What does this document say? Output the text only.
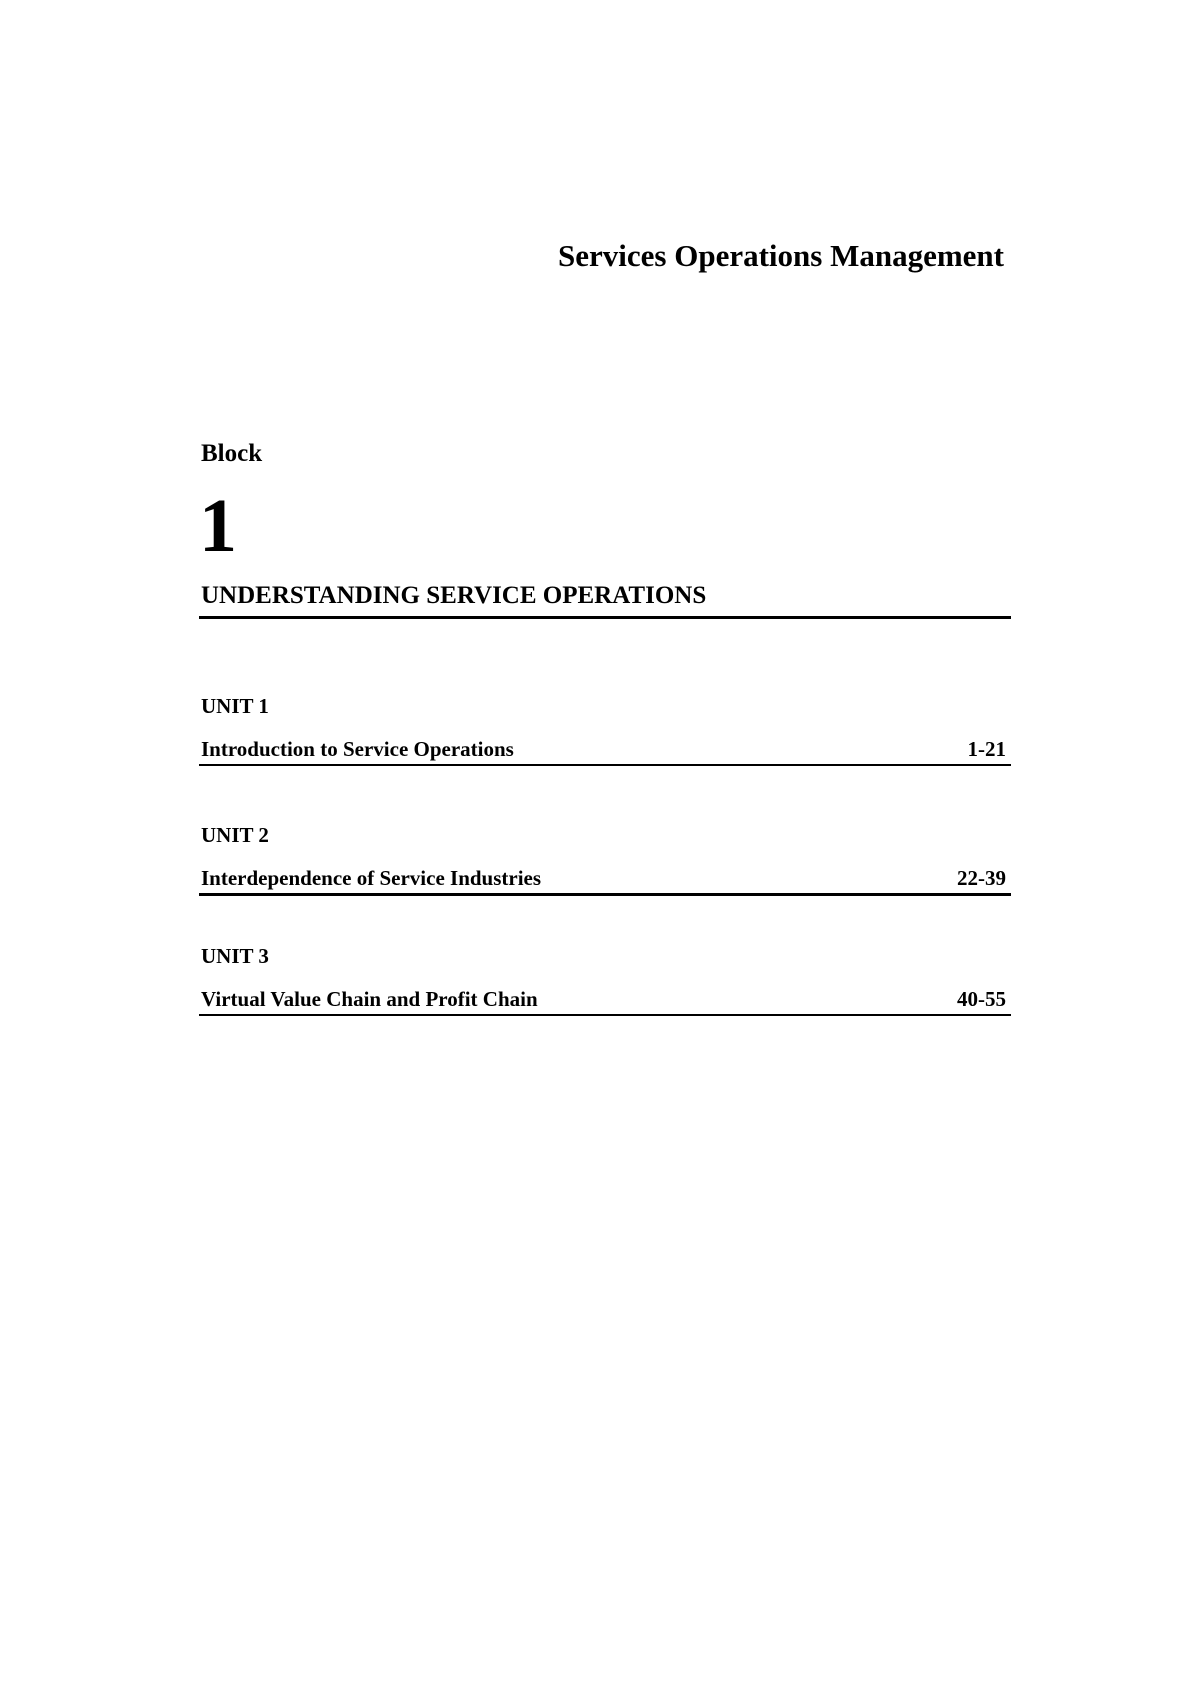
Services Operations Management
Block
1
UNDERSTANDING SERVICE OPERATIONS
UNIT 1
Introduction to Service Operations	1-21
UNIT 2
Interdependence of Service Industries	22-39
UNIT 3
Virtual Value Chain and Profit Chain	40-55
